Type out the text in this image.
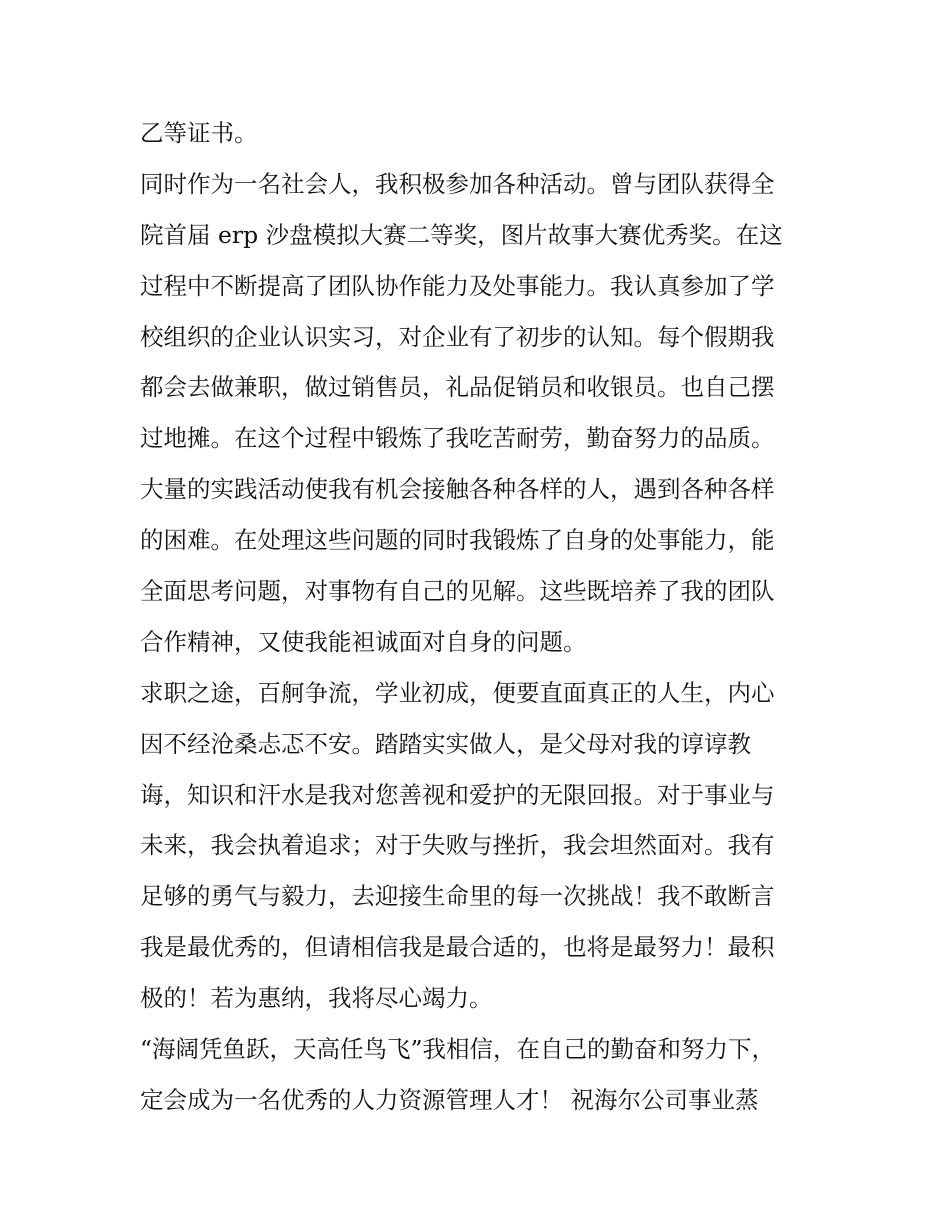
乙等证书。
同时作为一名社会人，我积极参加各种活动。曾与团队获得全
院首届 erp 沙盘模拟大赛二等奖，图片故事大赛优秀奖。在这
过程中不断提高了团队协作能力及处事能力。我认真参加了学
校组织的企业认识实习，对企业有了初步的认知。每个假期我
都会去做兼职，做过销售员，礼品促销员和收银员。也自己摆
过地摊。在这个过程中锻炼了我吃苦耐劳，勤奋努力的品质。
大量的实践活动使我有机会接触各种各样的人，遇到各种各样
的困难。在处理这些问题的同时我锻炼了自身的处事能力，能
全面思考问题，对事物有自己的见解。这些既培养了我的团队
合作精神，又使我能袒诚面对自身的问题。
求职之途，百舸争流，学业初成，便要直面真正的人生，内心
因不经沧桑忐忑不安。踏踏实实做人，是父母对我的谆谆教
诲，知识和汗水是我对您善视和爱护的无限回报。对于事业与
未来，我会执着追求；对于失败与挫折，我会坦然面对。我有
足够的勇气与毅力，去迎接生命里的每一次挑战！我不敢断言
我是最优秀的，但请相信我是最合适的，也将是最努力！最积
极的！若为惠纳，我将尽心竭力。
“海阔凭鱼跃，天高任鸟飞”我相信，在自己的勤奋和努力下，
定会成为一名优秀的人力资源管理人才！ 祝海尔公司事业蒸
